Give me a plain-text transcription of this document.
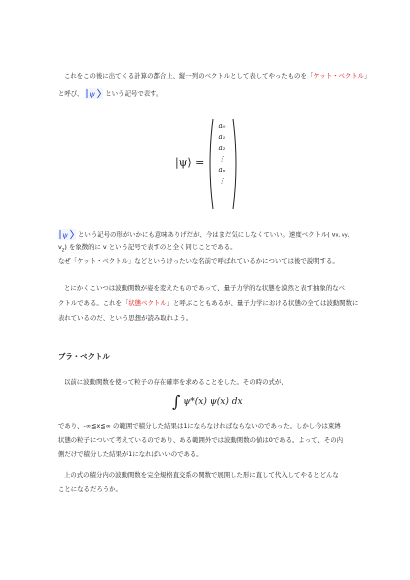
これをこの後に出てくる計算の都合上、縦一列のベクトルとして表してやったものを「ケット・ベクトル」
と呼び、 ψ という記号で表す。
|ψ⟩ =
a₀
a₁
a₂
⋮
aₙ
⋮
ψ という記号の形がいかにも意味ありげだが、今はまだ気にしなくていい。速度ベクトル( vx, vy,
$v_z$) を象徴的に v という記号で表すのと全く同じことである。
なぜ「ケット・ベクトル」などというけったいな名前で呼ばれているかについては後で説明する。
とにかくこいつは波動関数が姿を変えたものであって、量子力学的な状態を漠然と表す抽象的なベ
クトルである。これを「状態ベクトル」と呼ぶこともあるが、量子力学における状態の全ては波動関数に
表れているのだ、という思想が読み取れよう。
ブラ・ベクトル
以前に波動関数を使って粒子の存在確率を求めることをした。その時の式が、
∫ ψ*(x) ψ(x) dx
であり、-∞≦x≦∞ の範囲で積分した結果は1にならなければならないのであった。しかし今は束縛
状態の粒子について考えているのであり、ある範囲外では波動関数の値は0である。よって、その内
側だけで積分した結果が1になればいいのである。
上の式の積分内の波動関数を完全規格直交系の関数で展開した形に直して代入してやるとどんな
ことになるだろうか。
